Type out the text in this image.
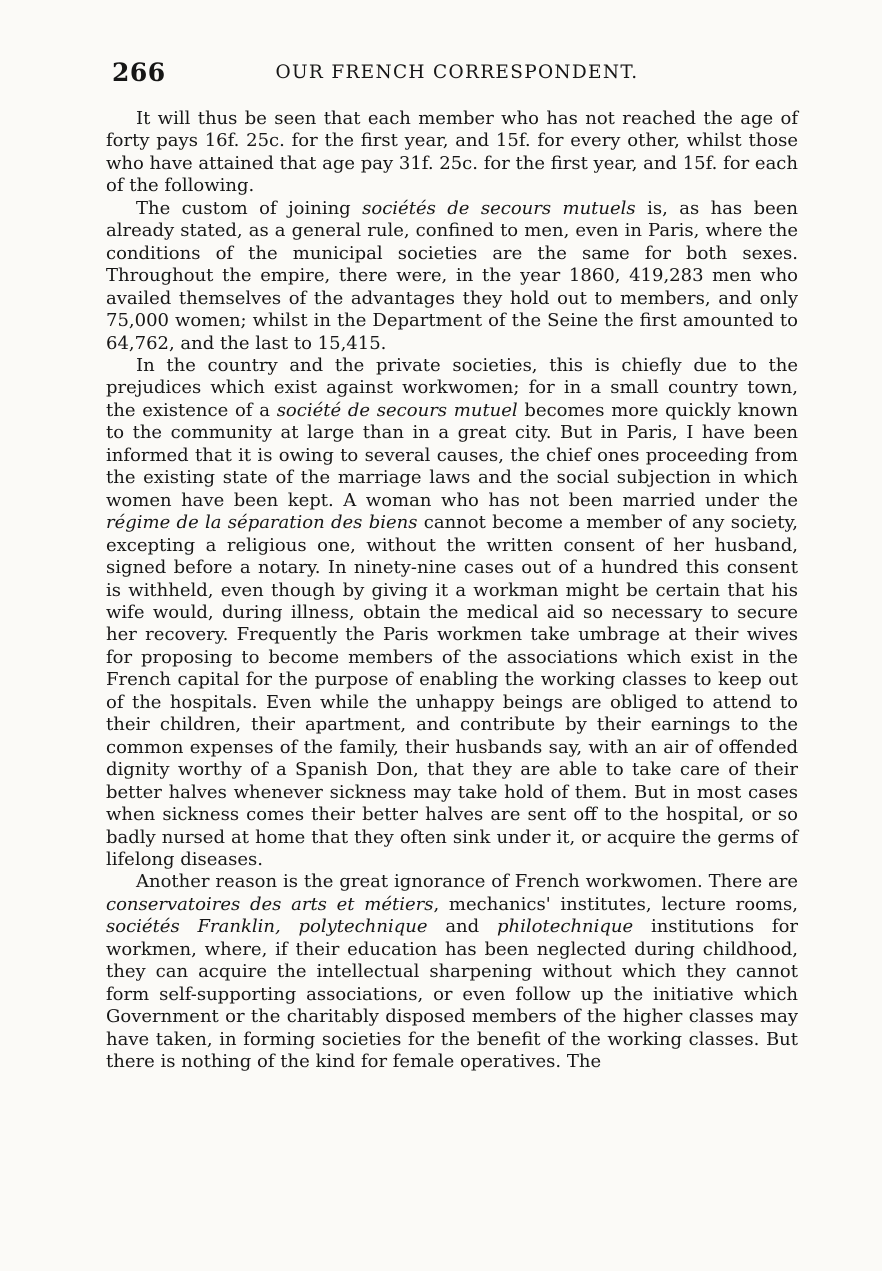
266	OUR FRENCH CORRESPONDENT.

It will thus be seen that each member who has not reached the age of forty pays 16f. 25c. for the first year, and 15f. for every other, whilst those who have attained that age pay 31f. 25c. for the first year, and 15f. for each of the following.

The custom of joining sociétés de secours mutuels is, as has been already stated, as a general rule, confined to men, even in Paris, where the conditions of the municipal societies are the same for both sexes. Throughout the empire, there were, in the year 1860, 419,283 men who availed themselves of the advantages they hold out to members, and only 75,000 women; whilst in the Department of the Seine the first amounted to 64,762, and the last to 15,415.

In the country and the private societies, this is chiefly due to the prejudices which exist against workwomen; for in a small country town, the existence of a société de secours mutuel becomes more quickly known to the community at large than in a great city. But in Paris, I have been informed that it is owing to several causes, the chief ones proceeding from the existing state of the marriage laws and the social subjection in which women have been kept. A woman who has not been married under the régime de la séparation des biens cannot become a member of any society, excepting a religious one, without the written consent of her husband, signed before a notary. In ninety-nine cases out of a hundred this consent is withheld, even though by giving it a workman might be certain that his wife would, during illness, obtain the medical aid so necessary to secure her recovery. Frequently the Paris workmen take umbrage at their wives for proposing to become members of the associations which exist in the French capital for the purpose of enabling the working classes to keep out of the hospitals. Even while the unhappy beings are obliged to attend to their children, their apartment, and contribute by their earnings to the common expenses of the family, their husbands say, with an air of offended dignity worthy of a Spanish Don, that they are able to take care of their better halves whenever sickness may take hold of them. But in most cases when sickness comes their better halves are sent off to the hospital, or so badly nursed at home that they often sink under it, or acquire the germs of lifelong diseases.

Another reason is the great ignorance of French workwomen. There are conservatoires des arts et métiers, mechanics' institutes, lecture rooms, sociétés Franklin, polytechnique and philotechnique institutions for workmen, where, if their education has been neglected during childhood, they can acquire the intellectual sharpening without which they cannot form self-supporting associations, or even follow up the initiative which Government or the charitably disposed members of the higher classes may have taken, in forming societies for the benefit of the working classes. But there is nothing of the kind for female operatives. The
